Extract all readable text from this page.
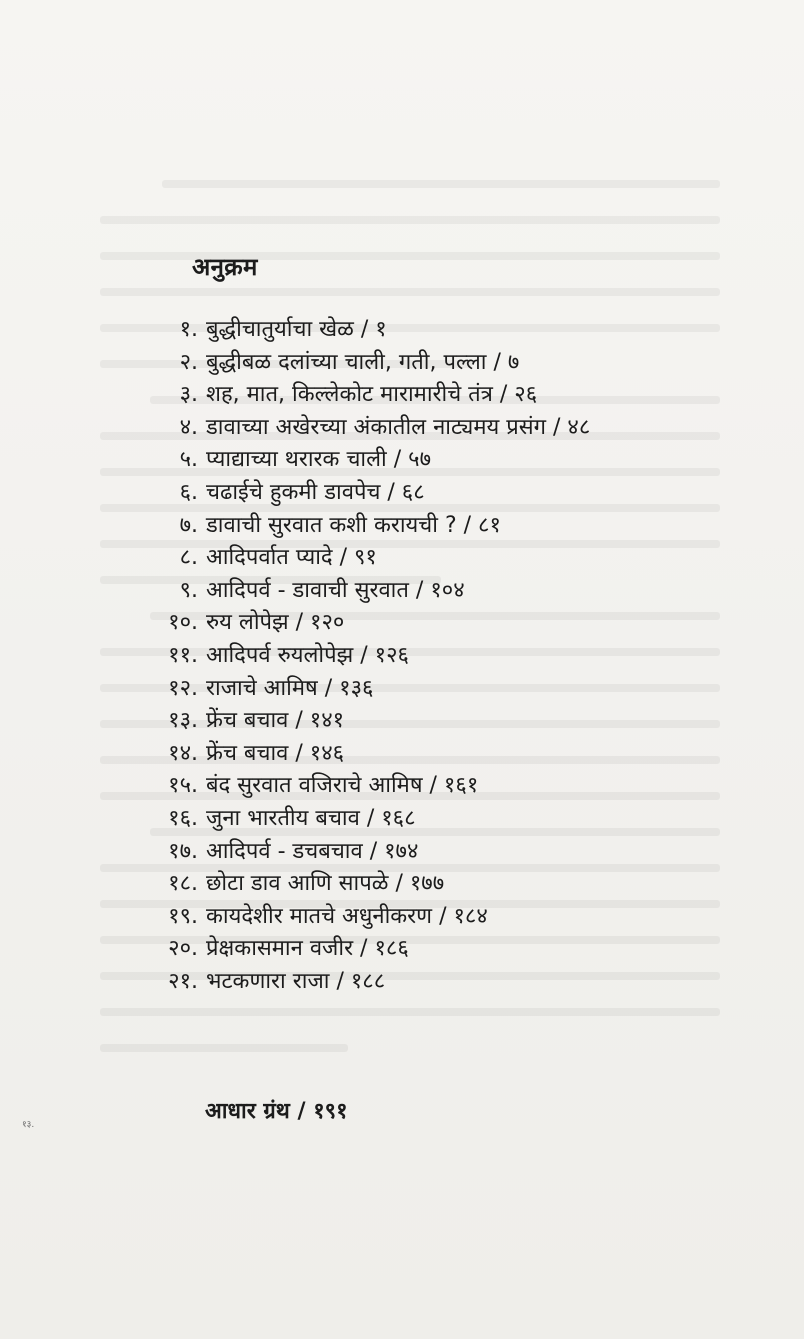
अनुक्रम
१. बुद्धीचातुर्याचा खेळ / १
२. बुद्धीबळ दलांच्या चाली, गती, पल्ला / ७
३. शह, मात, किल्लेकोट मारामारीचे तंत्र / २६
४. डावाच्या अखेरच्या अंकातील नाट्यमय प्रसंग / ४८
५. प्याद्याच्या थरारक चाली / ५७
६. चढाईचे हुकमी डावपेच / ६८
७. डावाची सुरवात कशी करायची ? / ८१
८. आदिपर्वात प्यादे / ९१
९. आदिपर्व - डावाची सुरवात / १०४
१०. रुय लोपेझ / १२०
११. आदिपर्व रुयलोपेझ / १२६
१२. राजाचे आमिष / १३६
१३. फ्रेंच बचाव / १४१
१४. फ्रेंच बचाव / १४६
१५. बंद सुरवात वजिराचे आमिष / १६१
१६. जुना भारतीय बचाव / १६८
१७. आदिपर्व - डचबचाव / १७४
१८. छोटा डाव आणि सापळे / १७७
१९. कायदेशीर मातचे अधुनीकरण / १८४
२०. प्रेक्षकासमान वजीर / १८६
२१. भटकणारा राजा / १८८
आधार ग्रंथ / १९१
१३.
